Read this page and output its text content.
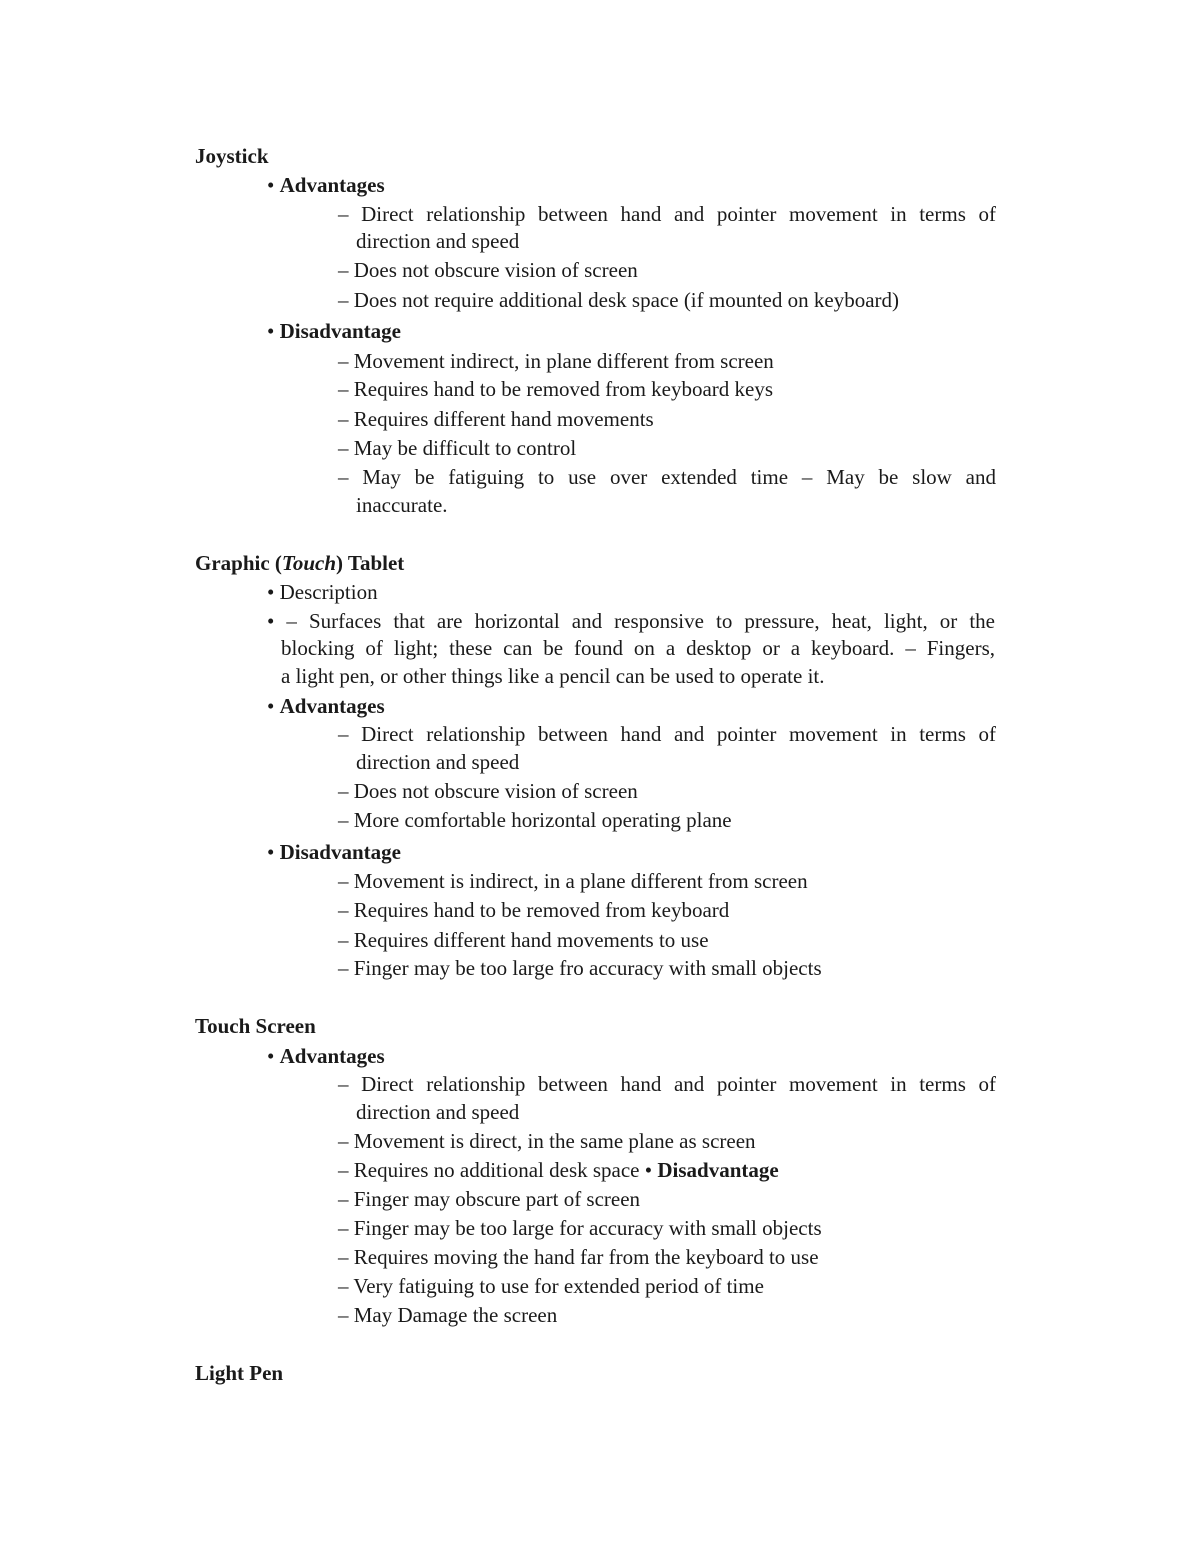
Joystick
• Advantages
– Direct relationship between hand and pointer movement in terms of
direction and speed
– Does not obscure vision of screen
– Does not require additional desk space (if mounted on keyboard)
• Disadvantage
– Movement indirect, in plane different from screen
– Requires hand to be removed from keyboard keys
– Requires different hand movements
– May be difficult to control
– May be fatiguing to use over extended time – May be slow and
inaccurate.
Graphic (Touch) Tablet
• Description
• – Surfaces that are horizontal and responsive to pressure, heat, light, or the
blocking of light; these can be found on a desktop or a keyboard. – Fingers,
a light pen, or other things like a pencil can be used to operate it.
• Advantages
– Direct relationship between hand and pointer movement in terms of
direction and speed
– Does not obscure vision of screen
– More comfortable horizontal operating plane
• Disadvantage
– Movement is indirect, in a plane different from screen
– Requires hand to be removed from keyboard
– Requires different hand movements to use
– Finger may be too large fro accuracy with small objects
Touch Screen
• Advantages
– Direct relationship between hand and pointer movement in terms of
direction and speed
– Movement is direct, in the same plane as screen
– Requires no additional desk space • Disadvantage
– Finger may obscure part of screen
– Finger may be too large for accuracy with small objects
– Requires moving the hand far from the keyboard to use
– Very fatiguing to use for extended period of time
– May Damage the screen
Light Pen
